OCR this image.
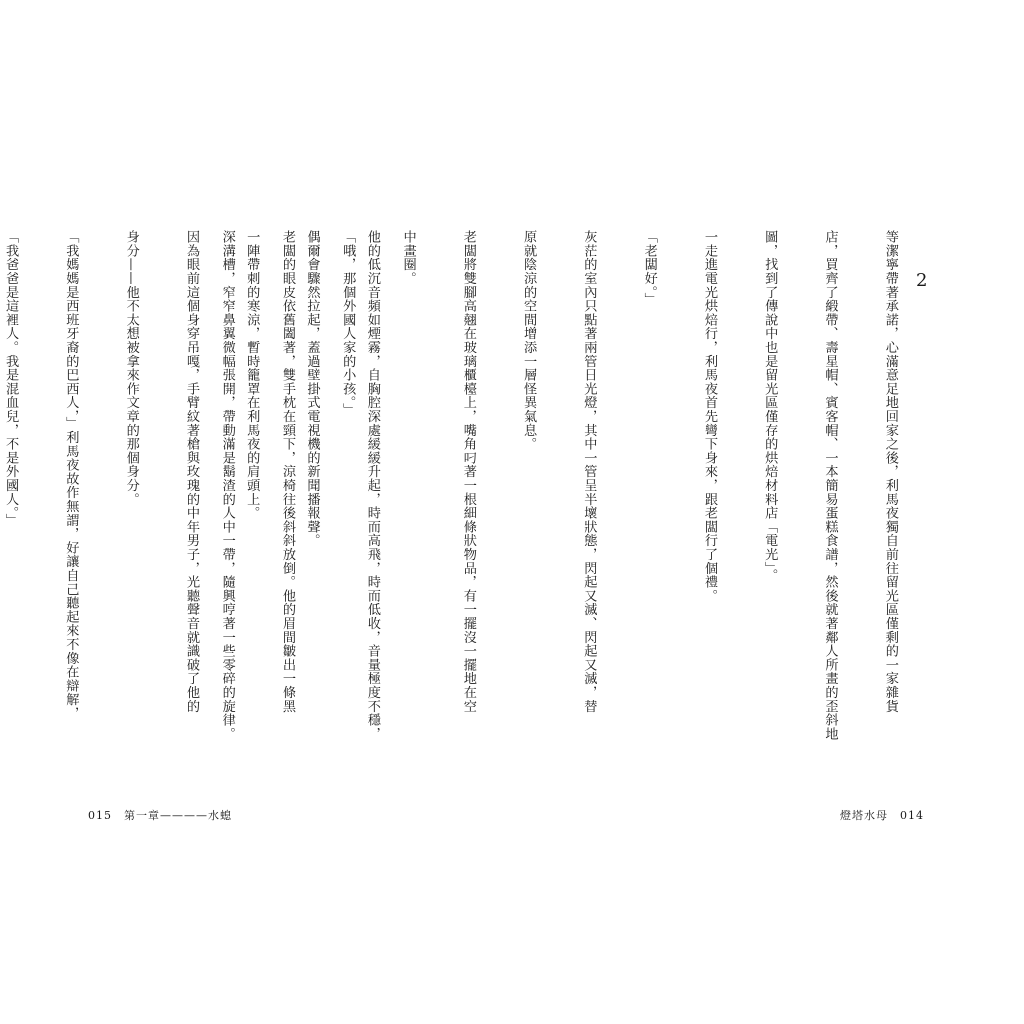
2

等潔寧帶著承諾，心滿意足地回家之後，利馬夜獨自前往留光區僅剩的一家雜貨

店，買齊了緞帶、壽星帽、賓客帽、一本簡易蛋糕食譜，然後就著鄰人所畫的歪斜地

圖，找到了傳說中也是留光區僅存的烘焙材料店「電光」。

一走進電光烘焙行，利馬夜首先彎下身來，跟老闆行了個禮。

「老闆好。」

灰茫的室內只點著兩管日光燈，其中一管呈半壞狀態，閃起又滅、閃起又滅，替

原就陰涼的空間增添一層怪異氣息。

老闆將雙腳高翹在玻璃櫃檯上，嘴角叼著一根細條狀物品，有一擺沒一擺地在空

中畫圈。

「哦，那個外國人家的小孩。」

老闆的眼皮依舊闔著，雙手枕在頸下，涼椅往後斜斜放倒。他的眉間皺出一條黑

深溝槽，窄窄鼻翼微幅張開，帶動滿是鬍渣的人中一帶，隨興哼著一些零碎的旋律。

	他的低沉音頻如煙霧，自胸腔深處緩緩升起，時而高飛，時而低收，音量極度不穩，

偶爾會驟然拉起，蓋過壁掛式電視機的新聞播報聲。

一陣帶刺的寒涼，暫時籠罩在利馬夜的肩頭上。

因為眼前這個身穿吊嘎，手臂紋著槍與玫瑰的中年男子，光聽聲音就識破了他的

身分——他不太想被拿來作文章的那個身分。

「我媽媽是西班牙裔的巴西人，」利馬夜故作無謂，好讓自己聽起來不像在辯解，

「我爸爸是這裡人。我是混血兒，不是外國人。」

015　第一章————水螅	燈塔水母　014
